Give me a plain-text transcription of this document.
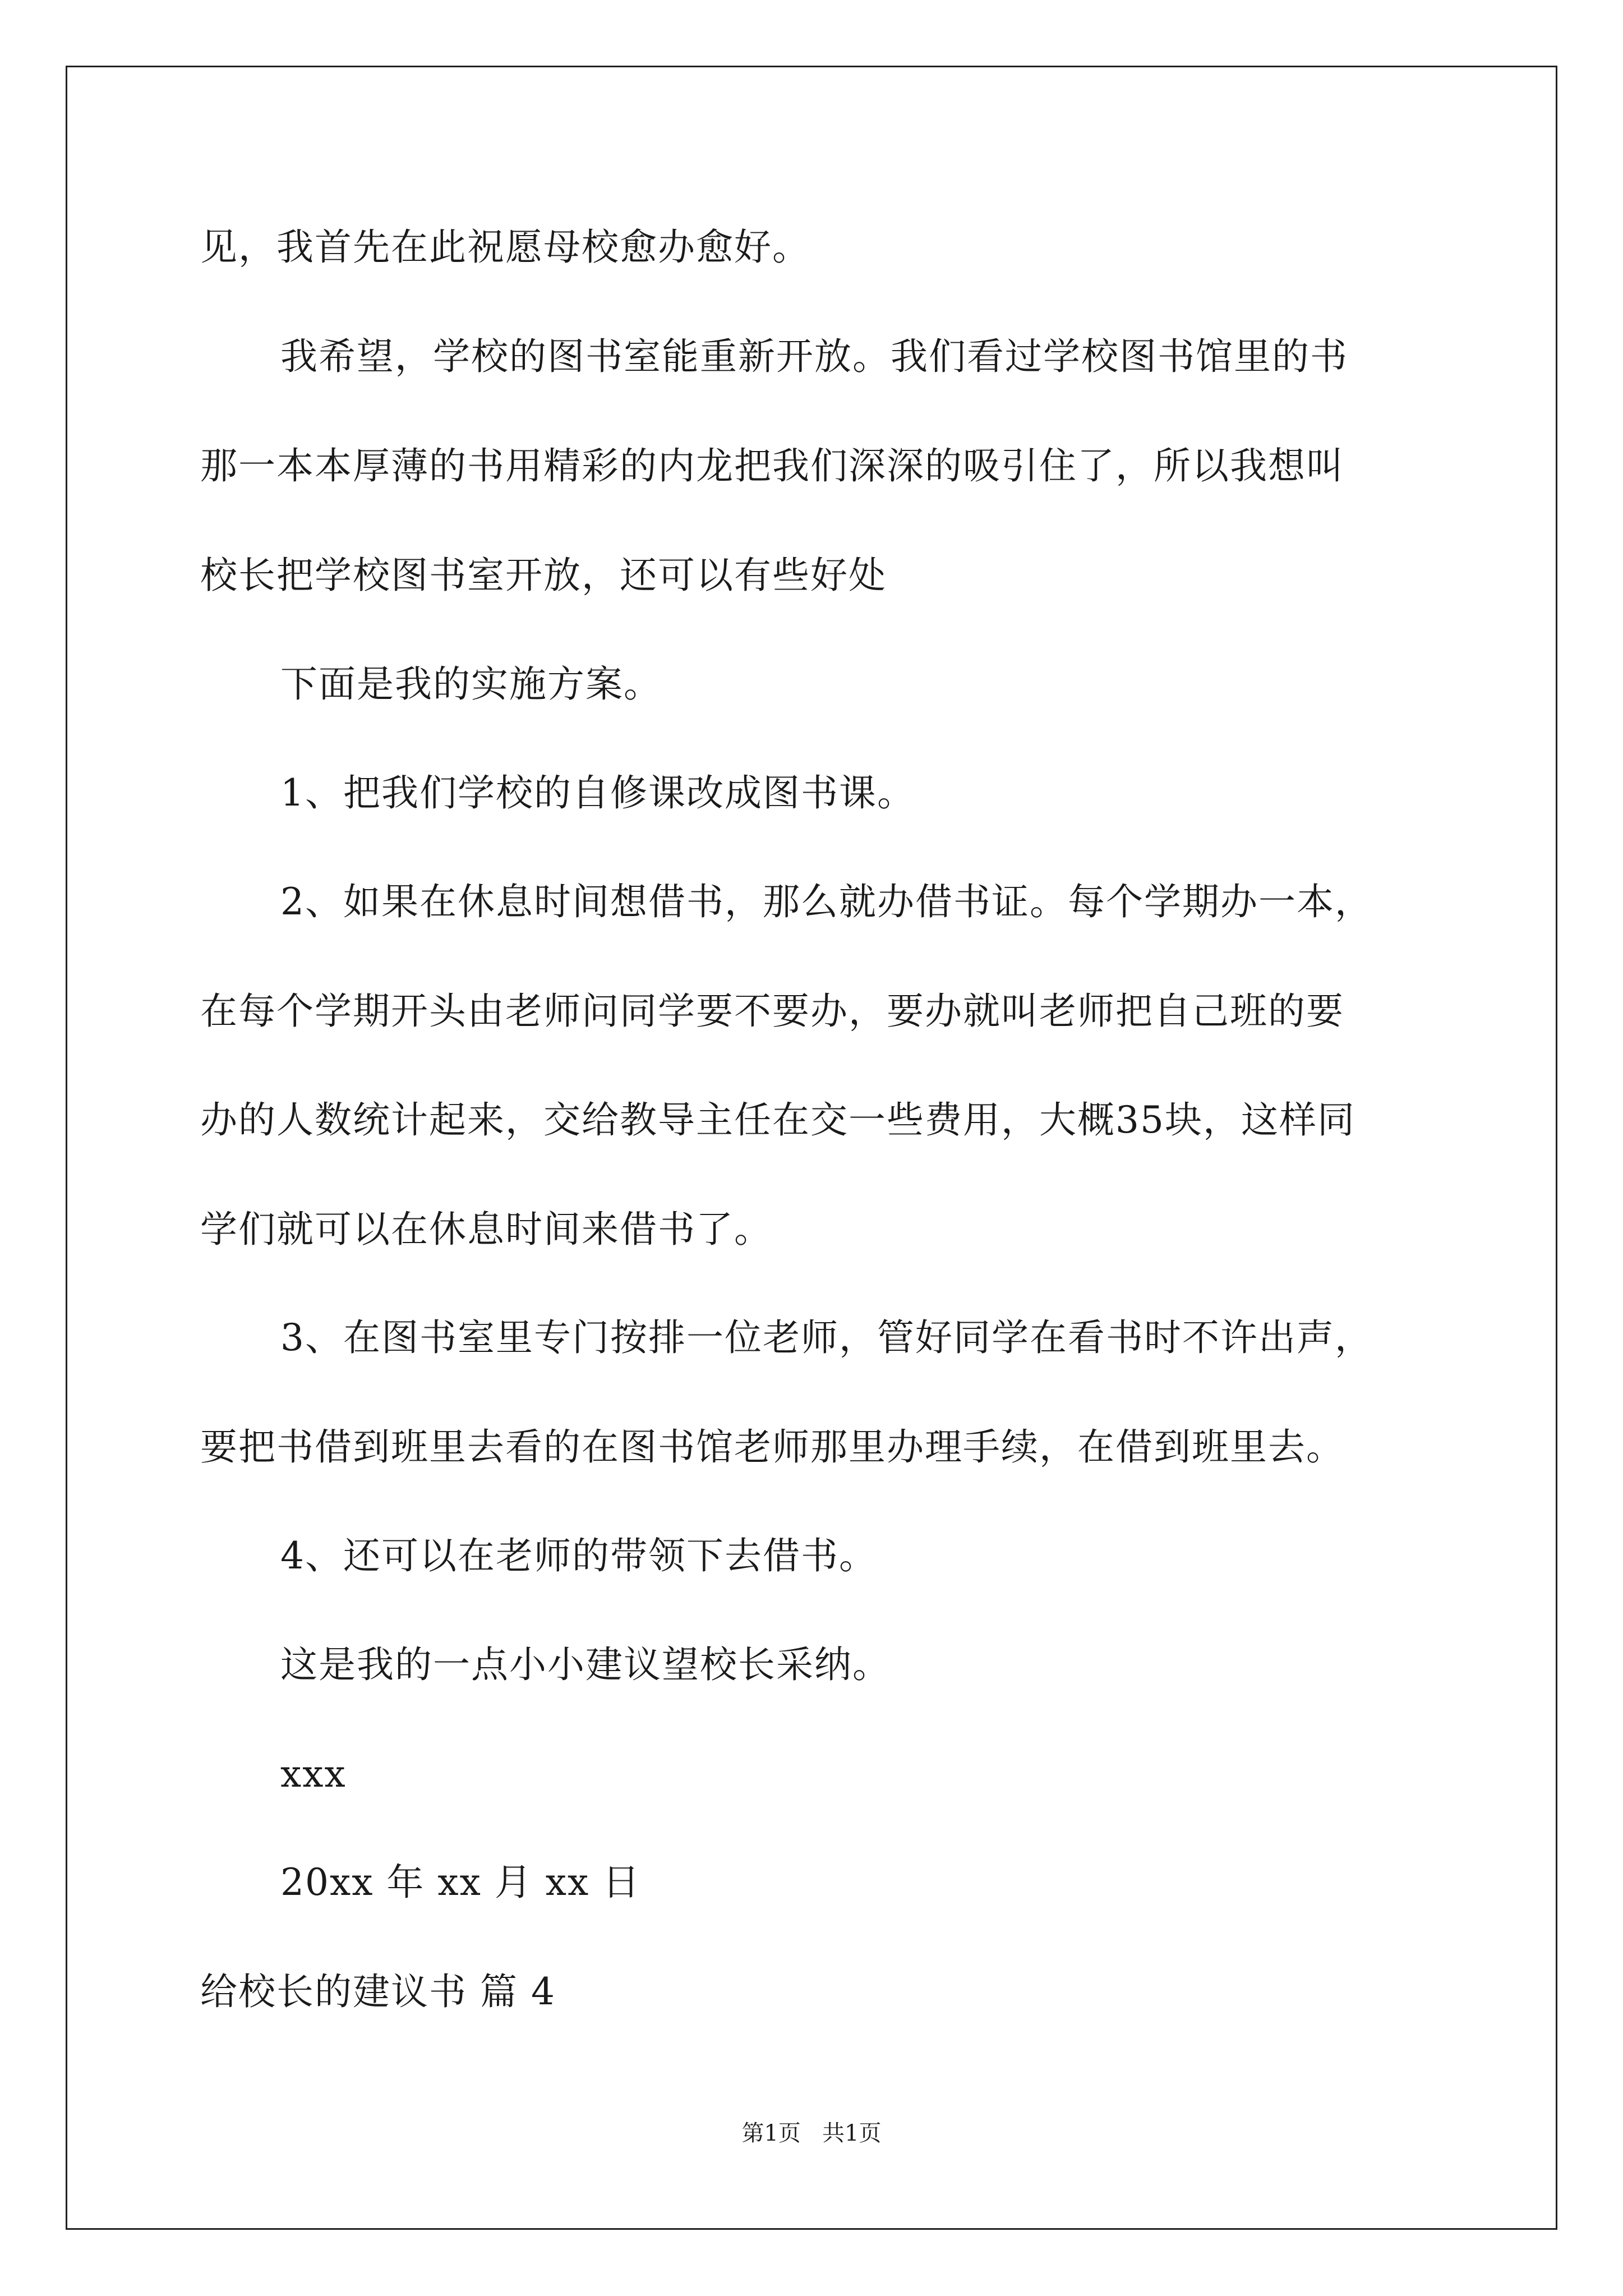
见，我首先在此祝愿母校愈办愈好。
我希望，学校的图书室能重新开放。我们看过学校图书馆里的书
那一本本厚薄的书用精彩的内龙把我们深深的吸引住了，所以我想叫
校长把学校图书室开放，还可以有些好处
下面是我的实施方案。
1、把我们学校的自修课改成图书课。
2、如果在休息时间想借书，那么就办借书证。每个学期办一本，
在每个学期开头由老师问同学要不要办，要办就叫老师把自己班的要
办的人数统计起来，交给教导主任在交一些费用，大概35块，这样同
学们就可以在休息时间来借书了。
3、在图书室里专门按排一位老师，管好同学在看书时不许出声，
要把书借到班里去看的在图书馆老师那里办理手续，在借到班里去。
4、还可以在老师的带领下去借书。
这是我的一点小小建议望校长采纳。
xxx
20xx 年 xx 月 xx 日
给校长的建议书 篇 4
第1页   共1页
